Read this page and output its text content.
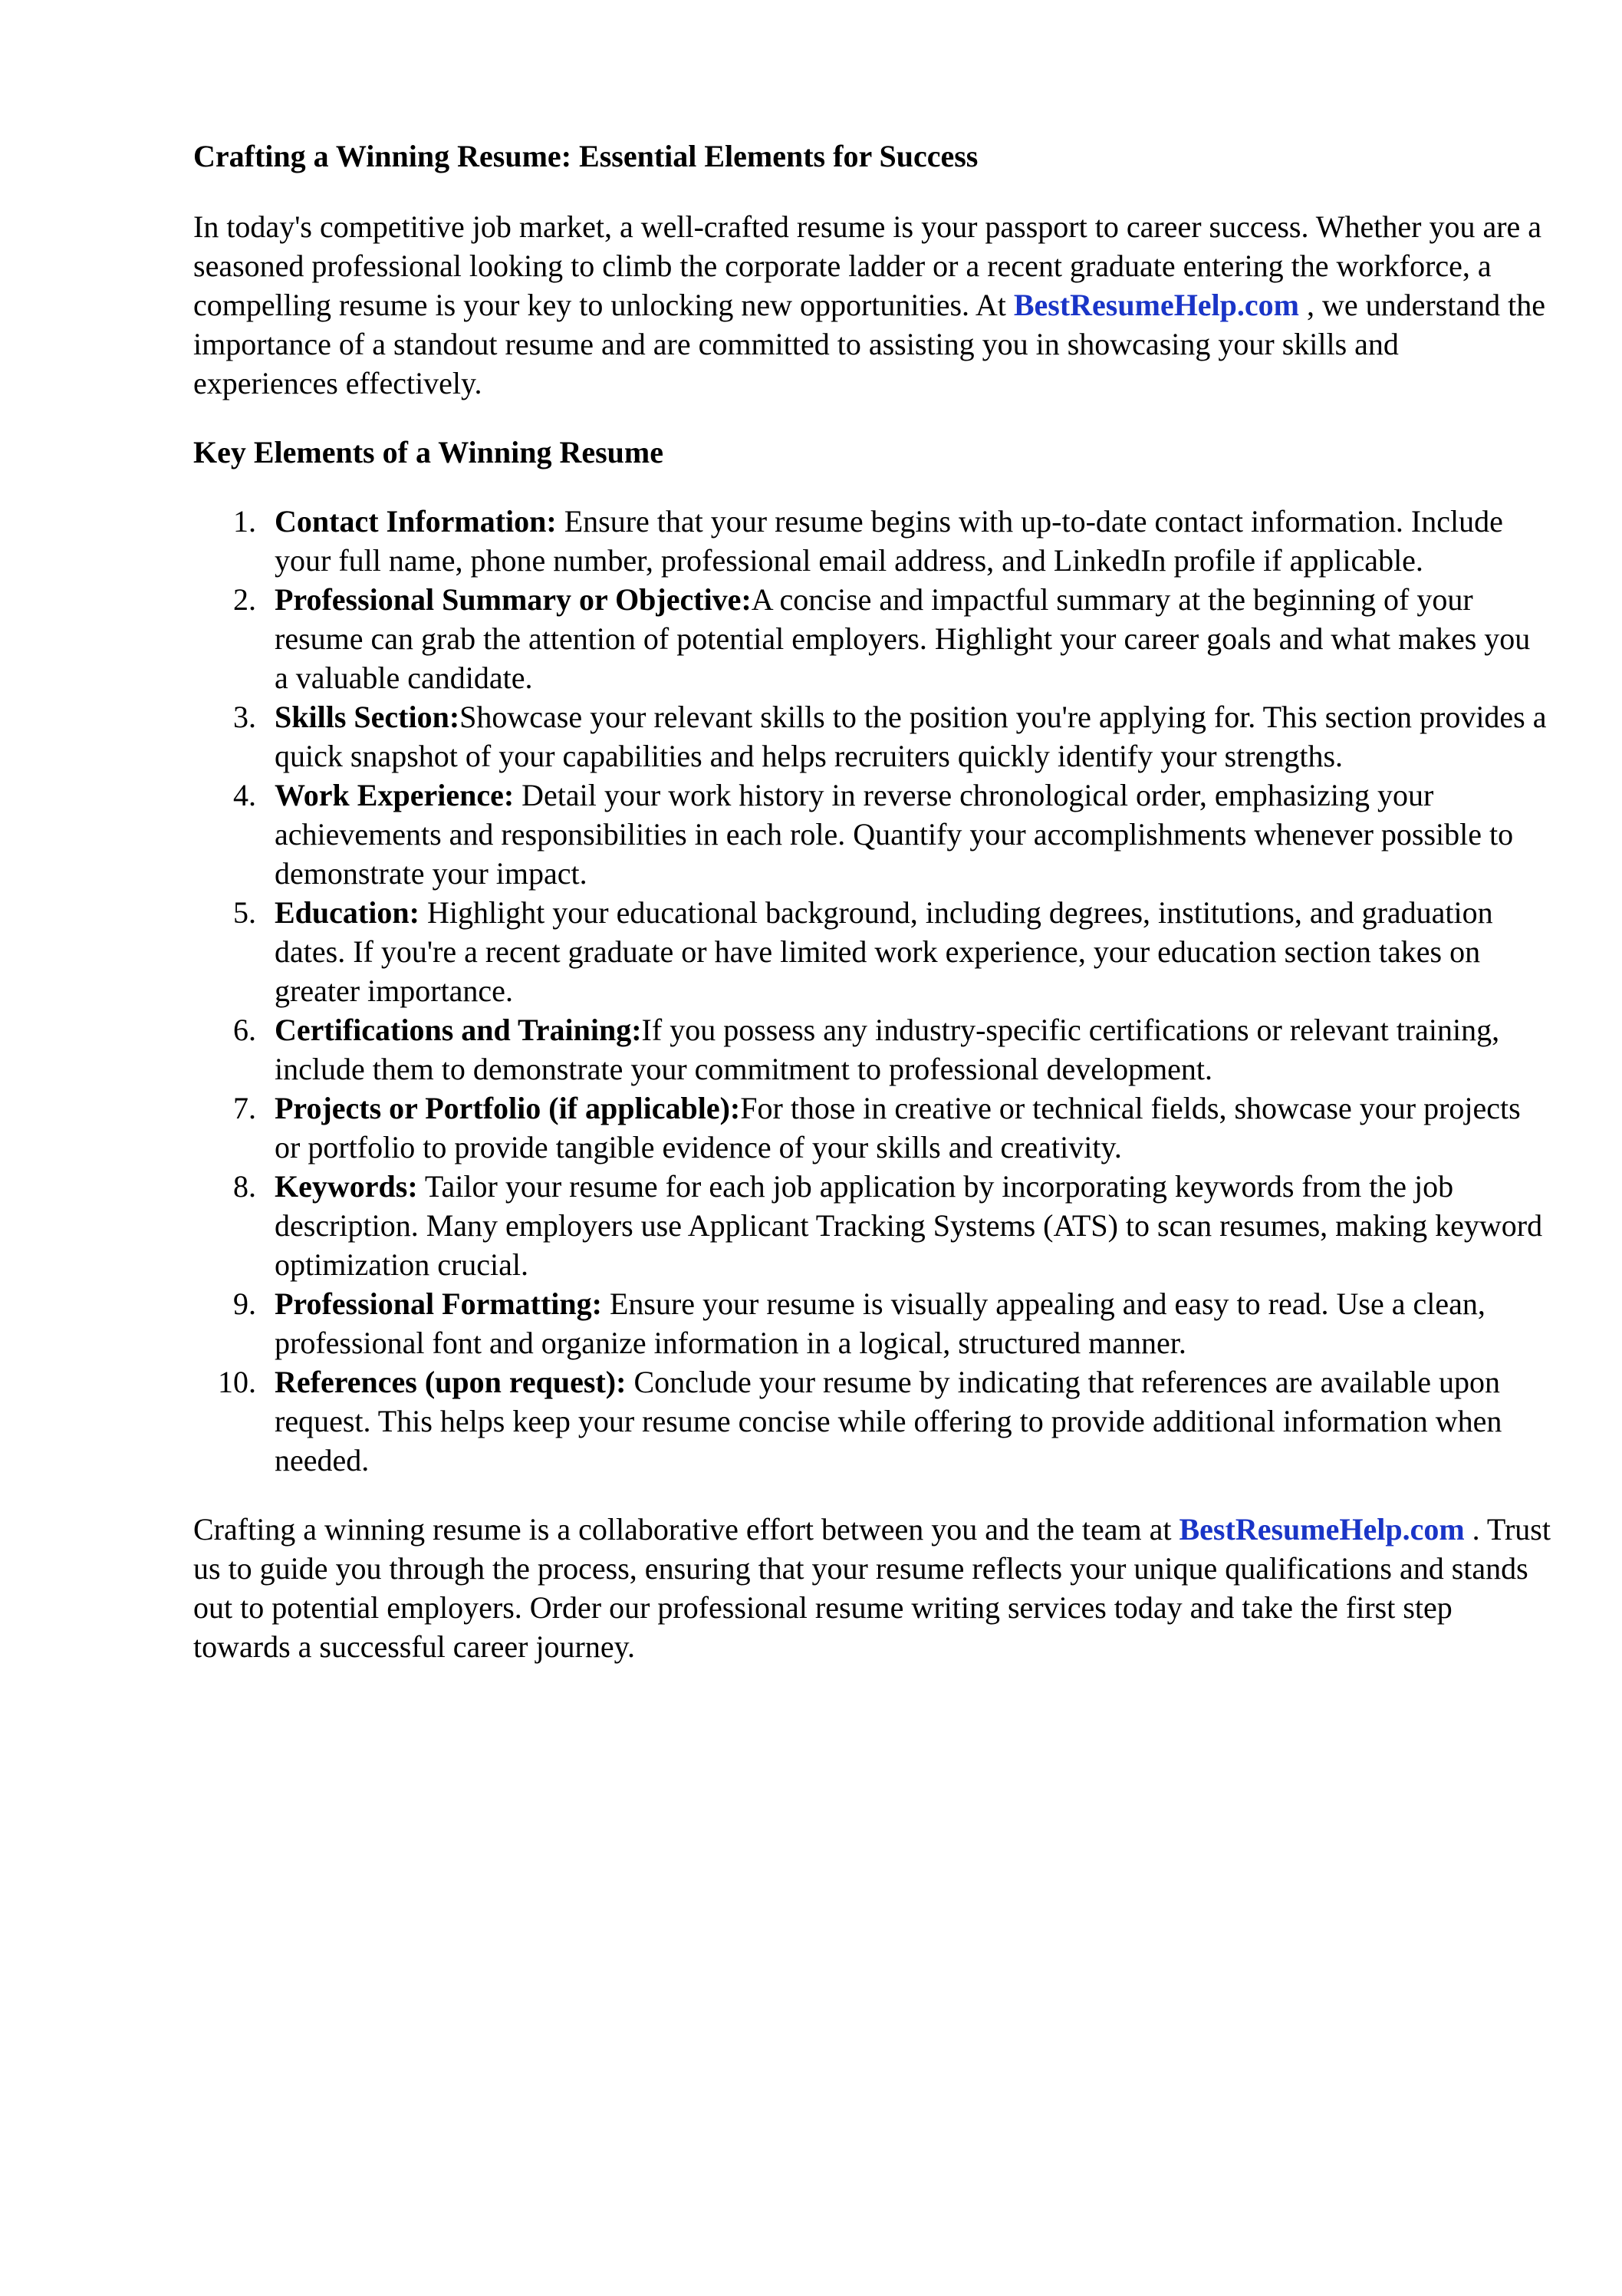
Crafting a Winning Resume: Essential Elements for Success

In today's competitive job market, a well-crafted resume is your passport to career success. Whether you are a seasoned professional looking to climb the corporate ladder or a recent graduate entering the workforce, a compelling resume is your key to unlocking new opportunities. At BestResumeHelp.com , we understand the importance of a standout resume and are committed to assisting you in showcasing your skills and experiences effectively.

Key Elements of a Winning Resume
1. Contact Information: Ensure that your resume begins with up-to-date contact information. Include your full name, phone number, professional email address, and LinkedIn profile if applicable.
2. Professional Summary or Objective:A concise and impactful summary at the beginning of your resume can grab the attention of potential employers. Highlight your career goals and what makes you a valuable candidate.
3. Skills Section:Showcase your relevant skills to the position you're applying for. This section provides a quick snapshot of your capabilities and helps recruiters quickly identify your strengths.
4. Work Experience: Detail your work history in reverse chronological order, emphasizing your achievements and responsibilities in each role. Quantify your accomplishments whenever possible to demonstrate your impact.
5. Education: Highlight your educational background, including degrees, institutions, and graduation dates. If you're a recent graduate or have limited work experience, your education section takes on greater importance.
6. Certifications and Training:If you possess any industry-specific certifications or relevant training, include them to demonstrate your commitment to professional development.
7. Projects or Portfolio (if applicable):For those in creative or technical fields, showcase your projects or portfolio to provide tangible evidence of your skills and creativity.
8. Keywords: Tailor your resume for each job application by incorporating keywords from the job description. Many employers use Applicant Tracking Systems (ATS) to scan resumes, making keyword optimization crucial.
9. Professional Formatting: Ensure your resume is visually appealing and easy to read. Use a clean, professional font and organize information in a logical, structured manner.
10. References (upon request): Conclude your resume by indicating that references are available upon request. This helps keep your resume concise while offering to provide additional information when needed.

Crafting a winning resume is a collaborative effort between you and the team at BestResumeHelp.com . Trust us to guide you through the process, ensuring that your resume reflects your unique qualifications and stands out to potential employers. Order our professional resume writing services today and take the first step towards a successful career journey.
